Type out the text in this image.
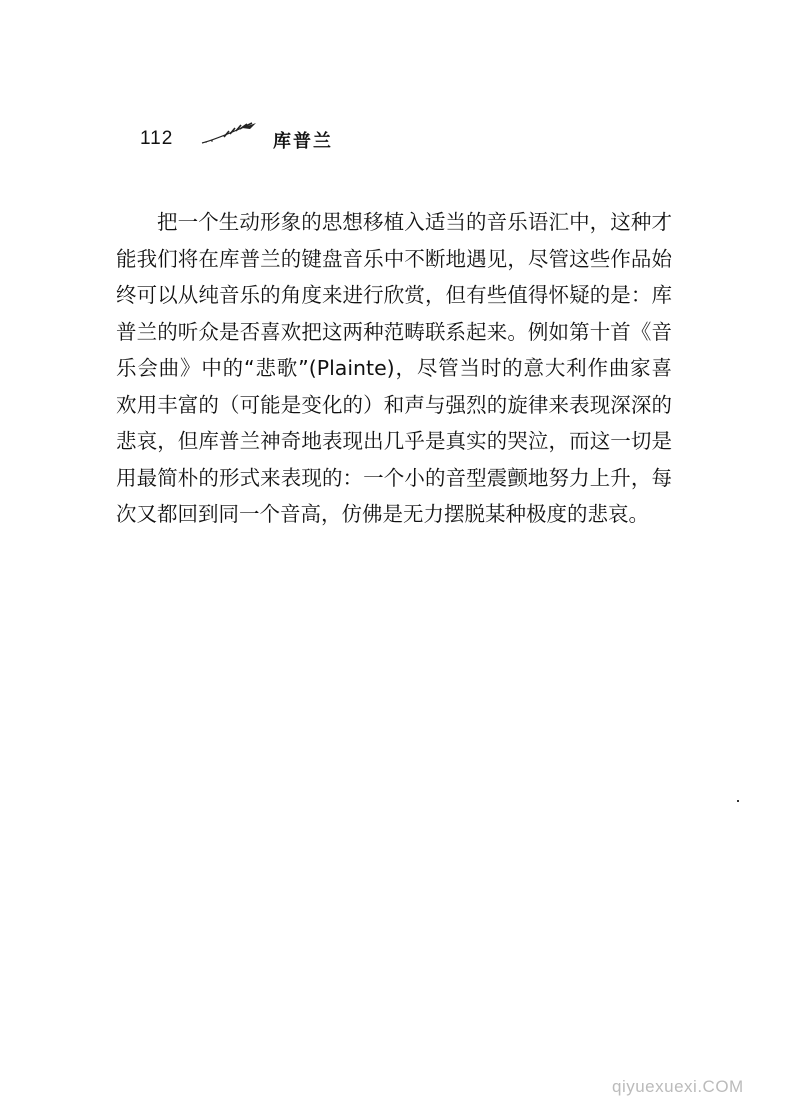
112	库普兰

把一个生动形象的思想移植入适当的音乐语汇中，这种才能我们将在库普兰的键盘音乐中不断地遇见，尽管这些作品始终可以从纯音乐的角度来进行欣赏，但有些值得怀疑的是：库普兰的听众是否喜欢把这两种范畴联系起来。例如第十首《音乐会曲》中的“悲歌”(Plainte)，尽管当时的意大利作曲家喜欢用丰富的（可能是变化的）和声与强烈的旋律来表现深深的悲哀，但库普兰神奇地表现出几乎是真实的哭泣，而这一切是用最简朴的形式来表现的：一个小的音型震颤地努力上升，每次又都回到同一个音高，仿佛是无力摆脱某种极度的悲哀。

qiyuexuexi.COM
